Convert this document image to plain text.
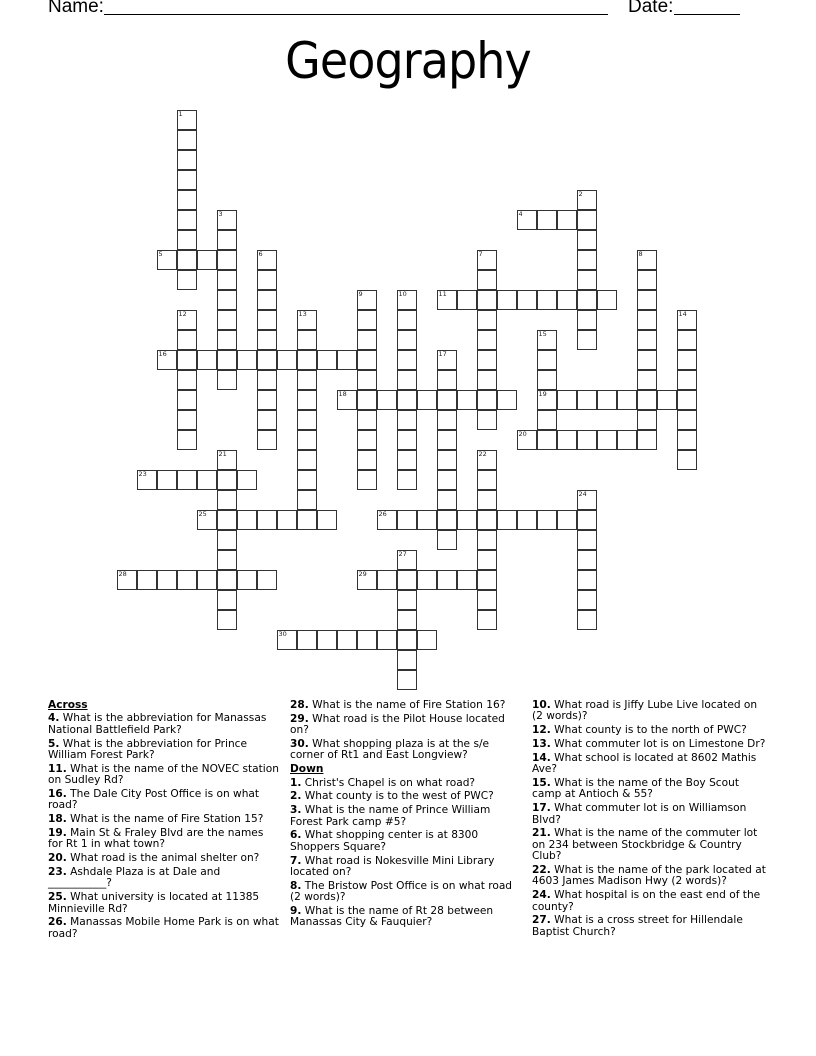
Name:	Date:
Geography
1
2
3	4
5	6	7	8
9	10	11
12	13	14
15
19
16	17
18
20
21	22
23
24
25	26
27
28	29
30
Across
4. What is the abbreviation for Manassas National Battlefield Park?
5. What is the abbreviation for Prince William Forest Park?
11. What is the name of the NOVEC station on Sudley Rd?
16. The Dale City Post Office is on what road?
18. What is the name of Fire Station 15?
19. Main St & Fraley Blvd are the names for Rt 1 in what town?
20. What road is the animal shelter on?
23. Ashdale Plaza is at Dale and ___________?
25. What university is located at 11385 Minnieville Rd?
26. Manassas Mobile Home Park is on what road?
28. What is the name of Fire Station 16?
29. What road is the Pilot House located on?
30. What shopping plaza is at the s/e corner of Rt1 and East Longview?
Down
1. Christ's Chapel is on what road?
2. What county is to the west of PWC?
3. What is the name of Prince William Forest Park camp #5?
6. What shopping center is at 8300 Shoppers Square?
7. What road is Nokesville Mini Library located on?
8. The Bristow Post Office is on what road (2 words)?
9. What is the name of Rt 28 between Manassas City & Fauquier?
10. What road is Jiffy Lube Live located on (2 words)?
12. What county is to the north of PWC?
13. What commuter lot is on Limestone Dr?
14. What school is located at 8602 Mathis Ave?
15. What is the name of the Boy Scout camp at Antioch & 55?
17. What commuter lot is on Williamson Blvd?
21. What is the name of the commuter lot on 234 between Stockbridge & Country Club?
22. What is the name of the park located at 4603 James Madison Hwy (2 words)?
24. What hospital is on the east end of the county?
27. What is a cross street for Hillendale Baptist Church?
